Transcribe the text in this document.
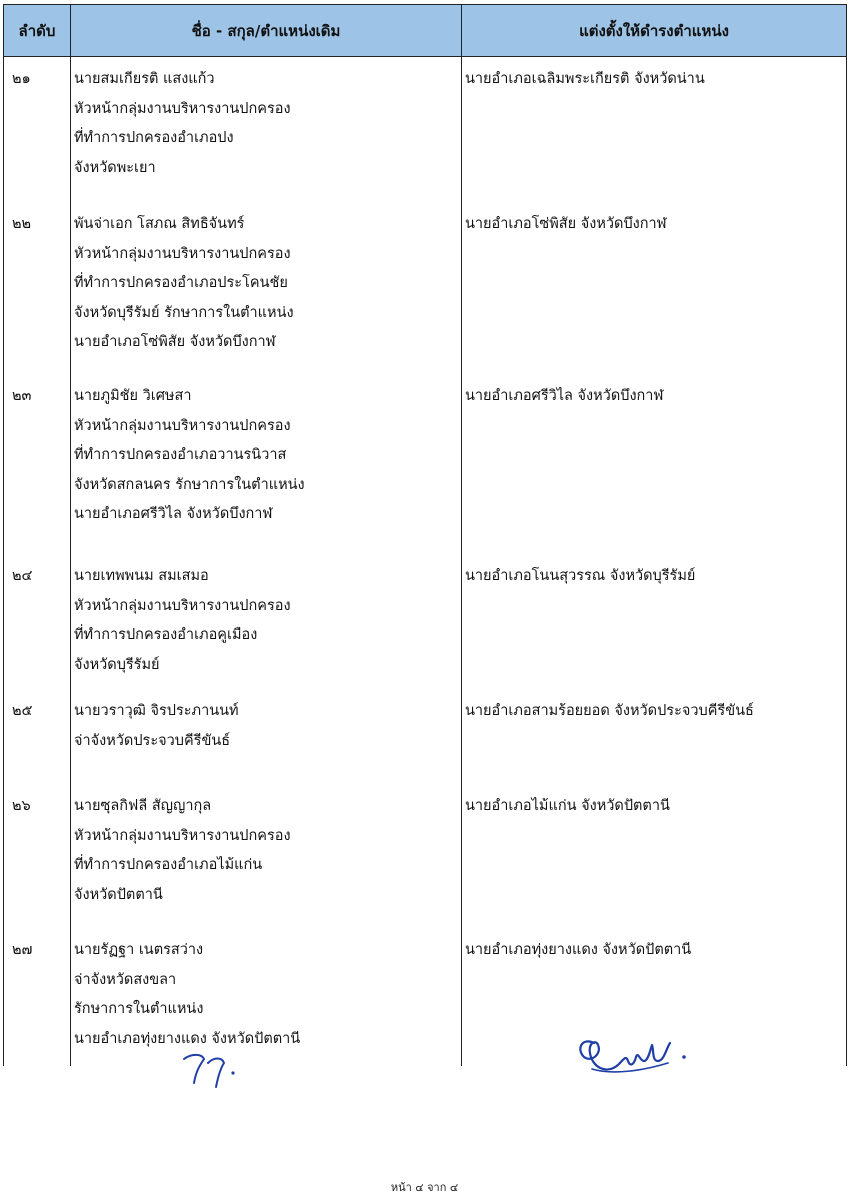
ลำดับ	ชื่อ - สกุล/ตำแหน่งเดิม	แต่งตั้งให้ดำรงตำแหน่ง
๒๑	นายสมเกียรติ แสงแก้ว
หัวหน้ากลุ่มงานบริหารงานปกครอง
ที่ทำการปกครองอำเภอปง
จังหวัดพะเยา	นายอำเภอเฉลิมพระเกียรติ จังหวัดน่าน
๒๒	พันจ่าเอก โสภณ สิทธิจันทร์
หัวหน้ากลุ่มงานบริหารงานปกครอง
ที่ทำการปกครองอำเภอประโคนชัย
จังหวัดบุรีรัมย์ รักษาการในตำแหน่ง
นายอำเภอโซ่พิสัย จังหวัดบึงกาฬ	นายอำเภอโซ่พิสัย จังหวัดบึงกาฬ
๒๓	นายภูมิชัย วิเศษสา
หัวหน้ากลุ่มงานบริหารงานปกครอง
ที่ทำการปกครองอำเภอวานรนิวาส
จังหวัดสกลนคร รักษาการในตำแหน่ง
นายอำเภอศรีวิไล จังหวัดบึงกาฬ	นายอำเภอศรีวิไล จังหวัดบึงกาฬ
๒๔	นายเทพพนม สมเสมอ
หัวหน้ากลุ่มงานบริหารงานปกครอง
ที่ทำการปกครองอำเภอคูเมือง
จังหวัดบุรีรัมย์	นายอำเภอโนนสุวรรณ จังหวัดบุรีรัมย์
๒๕	นายวราวุฒิ จิรประภานนท์
จ่าจังหวัดประจวบคีรีขันธ์	นายอำเภอสามร้อยยอด จังหวัดประจวบคีรีขันธ์
๒๖	นายซุลกิฟลี สัญญากุล
หัวหน้ากลุ่มงานบริหารงานปกครอง
ที่ทำการปกครองอำเภอไม้แก่น
จังหวัดปัตตานี	นายอำเภอไม้แก่น จังหวัดปัตตานี
๒๗	นายรัฏฐา เนตรสว่าง
จ่าจังหวัดสงขลา
รักษาการในตำแหน่ง
นายอำเภอทุ่งยางแดง จังหวัดปัตตานี	นายอำเภอทุ่งยางแดง จังหวัดปัตตานี
หน้า ๔ จาก ๔
